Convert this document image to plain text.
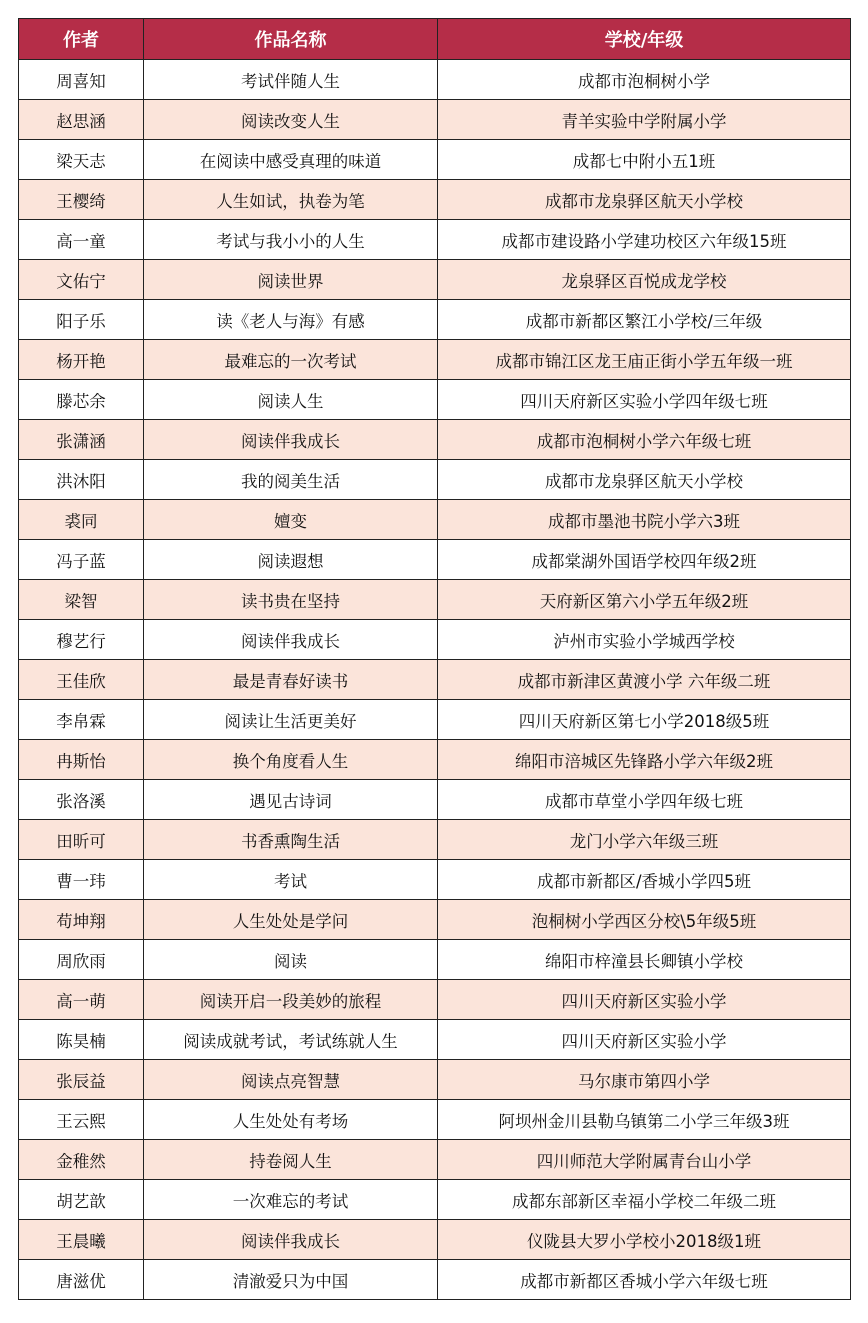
作者	作品名称	学校/年级
周喜知	考试伴随人生	成都市泡桐树小学
赵思涵	阅读改变人生	青羊实验中学附属小学
梁天志	在阅读中感受真理的味道	成都七中附小五1班
王樱绮	人生如试，执卷为笔	成都市龙泉驿区航天小学校
高一童	考试与我小小的人生	成都市建设路小学建功校区六年级15班
文佑宁	阅读世界	龙泉驿区百悦成龙学校
阳子乐	读《老人与海》有感	成都市新都区繁江小学校/三年级
杨开艳	最难忘的一次考试	成都市锦江区龙王庙正街小学五年级一班
滕芯余	阅读人生	四川天府新区实验小学四年级七班
张潇涵	阅读伴我成长	成都市泡桐树小学六年级七班
洪沐阳	我的阅美生活	成都市龙泉驿区航天小学校
裘同	嬗变	成都市墨池书院小学六3班
冯子蓝	阅读遐想	成都棠湖外国语学校四年级2班
梁智	读书贵在坚持	天府新区第六小学五年级2班
穆艺行	阅读伴我成长	泸州市实验小学城西学校
王佳欣	最是青春好读书	成都市新津区黄渡小学 六年级二班
李帛霖	阅读让生活更美好	四川天府新区第七小学2018级5班
冉斯怡	换个角度看人生	绵阳市涪城区先锋路小学六年级2班
张洛溪	遇见古诗词	成都市草堂小学四年级七班
田昕可	书香熏陶生活	龙门小学六年级三班
曹一玮	考试	成都市新都区/香城小学四5班
苟坤翔	人生处处是学问	泡桐树小学西区分校\5年级5班
周欣雨	阅读	绵阳市梓潼县长卿镇小学校
高一萌	阅读开启一段美妙的旅程	四川天府新区实验小学
陈昊楠	阅读成就考试，考试练就人生	四川天府新区实验小学
张辰益	阅读点亮智慧	马尔康市第四小学
王云熙	人生处处有考场	阿坝州金川县勒乌镇第二小学三年级3班
金稚然	持卷阅人生	四川师范大学附属青台山小学
胡艺歆	一次难忘的考试	成都东部新区幸福小学校二年级二班
王晨曦	阅读伴我成长	仪陇县大罗小学校小2018级1班
唐滋优	清澈爱只为中国	成都市新都区香城小学六年级七班
